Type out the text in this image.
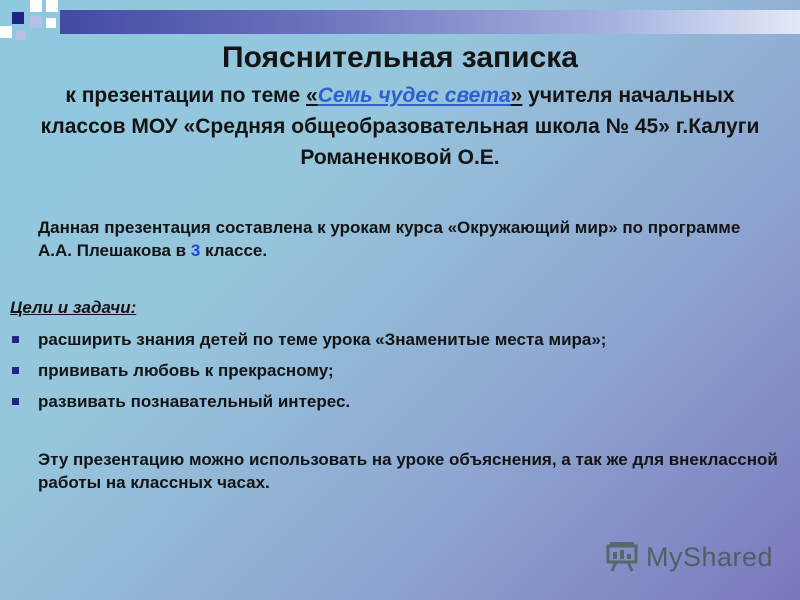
Пояснительная записка
к презентации по теме «Семь чудес света» учителя начальных классов МОУ «Средняя общеобразовательная школа № 45» г.Калуги Романенковой О.Е.
Данная презентация составлена к урокам курса «Окружающий мир» по программе А.А. Плешакова в 3 классе.
Цели и задачи:
расширить знания детей по теме урока «Знаменитые места мира»;
прививать любовь к прекрасному;
развивать познавательный интерес.
Эту презентацию можно использовать на уроке объяснения, а так же для внеклассной работы на классных часах.
MyShared
